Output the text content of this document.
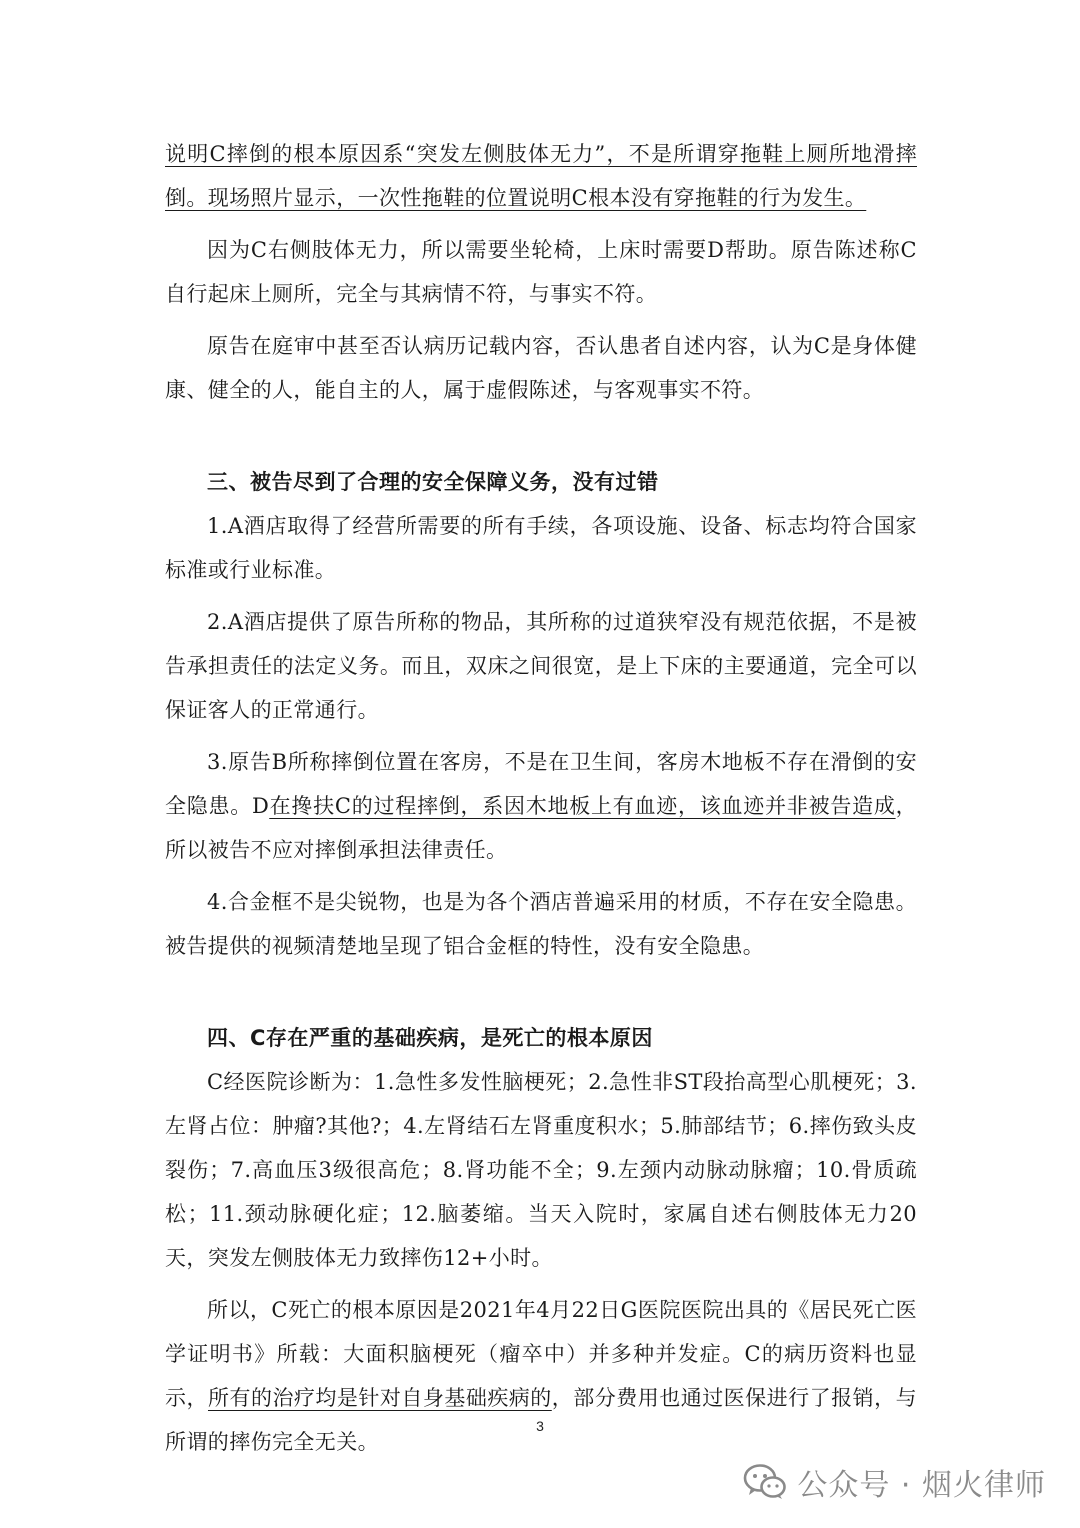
说明C摔倒的根本原因系“突发左侧肢体无力”，不是所谓穿拖鞋上厕所地滑摔倒。现场照片显示，一次性拖鞋的位置说明C根本没有穿拖鞋的行为发生。

因为C右侧肢体无力，所以需要坐轮椅，上床时需要D帮助。原告陈述称C自行起床上厕所，完全与其病情不符，与事实不符。

原告在庭审中甚至否认病历记载内容，否认患者自述内容，认为C是身体健康、健全的人，能自主的人，属于虚假陈述，与客观事实不符。

三、被告尽到了合理的安全保障义务，没有过错

1.A酒店取得了经营所需要的所有手续，各项设施、设备、标志均符合国家标准或行业标准。

2.A酒店提供了原告所称的物品，其所称的过道狭窄没有规范依据，不是被告承担责任的法定义务。而且，双床之间很宽，是上下床的主要通道，完全可以保证客人的正常通行。

3.原告B所称摔倒位置在客房，不是在卫生间，客房木地板不存在滑倒的安全隐患。D在搀扶C的过程摔倒，系因木地板上有血迹，该血迹并非被告造成，所以被告不应对摔倒承担法律责任。

4.合金框不是尖锐物，也是为各个酒店普遍采用的材质，不存在安全隐患。被告提供的视频清楚地呈现了铝合金框的特性，没有安全隐患。

四、C存在严重的基础疾病，是死亡的根本原因

C经医院诊断为：1.急性多发性脑梗死；2.急性非ST段抬高型心肌梗死；3.左肾占位：肿瘤?其他?；4.左肾结石左肾重度积水；5.肺部结节；6.摔伤致头皮裂伤；7.高血压3级很高危；8.肾功能不全；9.左颈内动脉动脉瘤；10.骨质疏松；11.颈动脉硬化症；12.脑萎缩。当天入院时，家属自述右侧肢体无力20天，突发左侧肢体无力致摔伤12+小时。

所以，C死亡的根本原因是2021年4月22日G医院医院出具的《居民死亡医学证明书》所载：大面积脑梗死（瘤卒中）并多种并发症。C的病历资料也显示，所有的治疗均是针对自身基础疾病的，部分费用也通过医保进行了报销，与所谓的摔伤完全无关。

3
公众号 · 烟火律师
